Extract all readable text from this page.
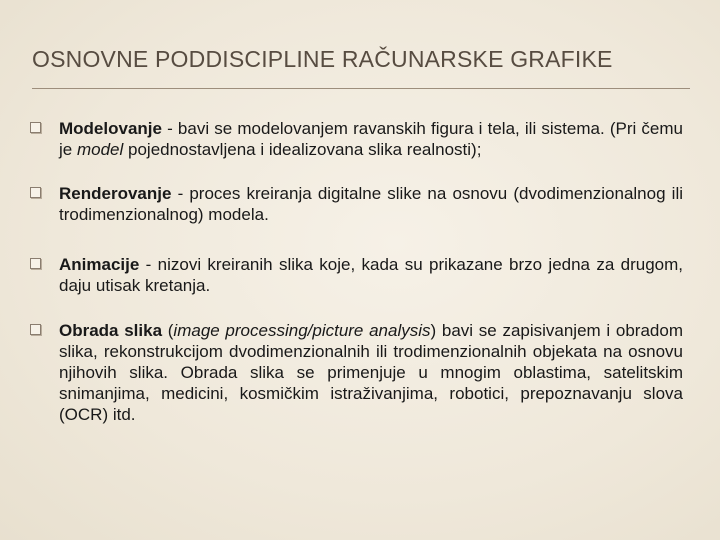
OSNOVNE PODDISCIPLINE RAČUNARSKE GRAFIKE
Modelovanje - bavi se modelovanjem ravanskih figura i tela, ili sistema. (Pri čemu je model pojednostavljena i idealizovana slika realnosti);
Renderovanje - proces kreiranja digitalne slike na osnovu (dvodimenzionalnog ili trodimenzionalnog) modela.
Animacije - nizovi kreiranih slika koje, kada su prikazane brzo jedna za drugom, daju utisak kretanja.
Obrada slika (image processing/picture analysis) bavi se zapisivanjem i obradom slika, rekonstrukcijom dvodimenzionalnih ili trodimenzionalnih objekata na osnovu njihovih slika. Obrada slika se primenjuje u mnogim oblastima, satelitskim snimanjima, medicini, kosmičkim istraživanjima, robotici, prepoznavanju slova (OCR) itd.
